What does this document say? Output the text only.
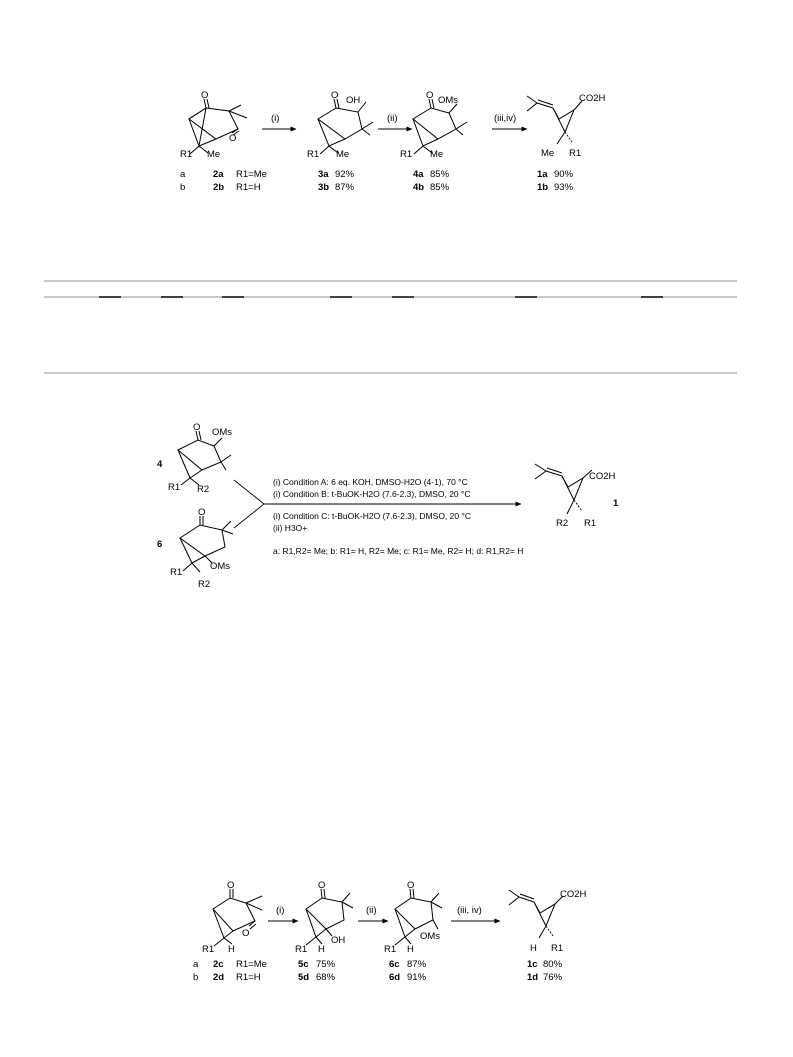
O
O
R1 Me
(i)
O OH
R1 Me
(ii)
O OMs
R1 Me
(iii,iv)
CO2H
Me R1
a
b
2a R1=Me
2b R1=H
3a 92%
3b 87%
4a 85%
4b 85%
1a 90%
1b 93%
4
6
O OMs
R1 R2
O
OMs
R1
R2
(i) Condition A: 6 eq. KOH, DMSO-H2O (4-1), 70 °C
(i) Condition B: t-BuOK-H2O (7.6-2.3), DMSO, 20 °C
(i) Condition C: t-BuOK-H2O (7.6-2.3), DMSO, 20 °C
(ii) H3O+
a: R1,R2= Me; b: R1= H, R2= Me; c: R1= Me, R2= H; d: R1,R2= H
CO2H
R2 R1
1
O
O
R1 H
(i)
O
OH
R1 H
(ii)
O
OMs
R1 H
(iii, iv)
CO2H
H R1
a
b
2c R1=Me
2d R1=H
5c 75%
5d 68%
6c 87%
6d 91%
1c 80%
1d 76%
